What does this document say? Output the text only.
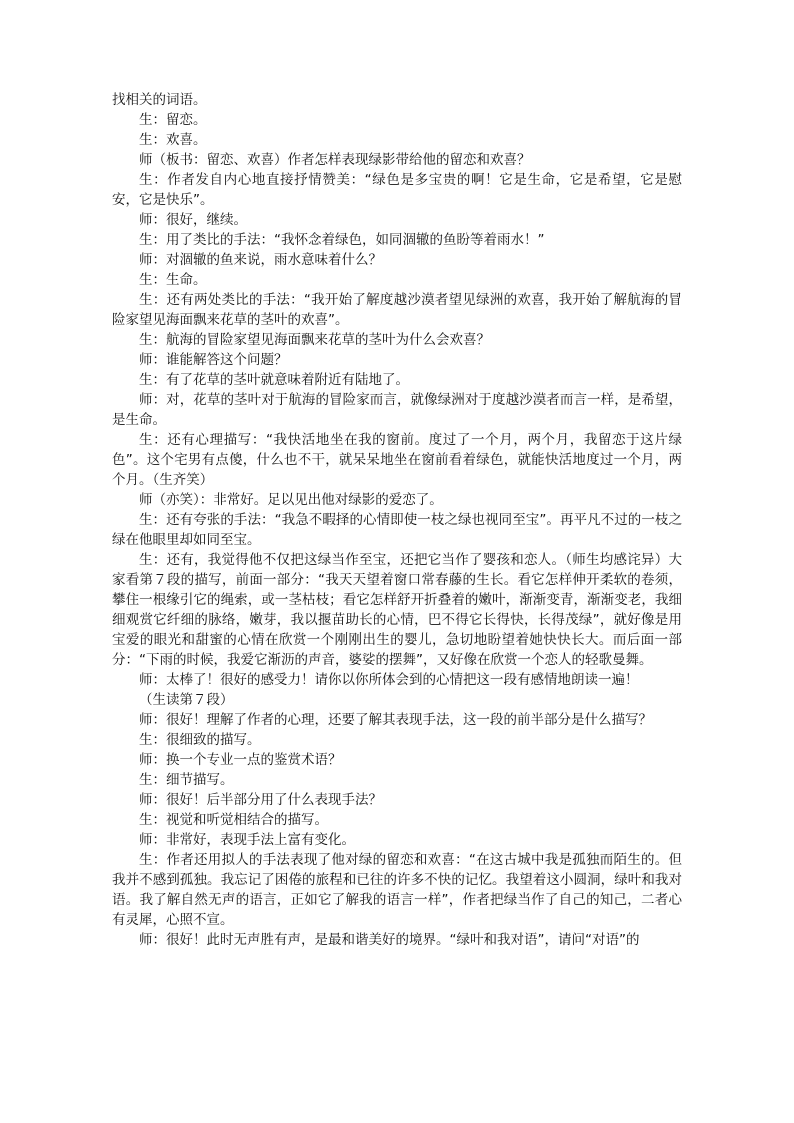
找相关的词语。

生：留恋。

生：欢喜。

师（板书：留恋、欢喜）作者怎样表现绿影带给他的留恋和欢喜？

生：作者发自内心地直接抒情赞美：“绿色是多宝贵的啊！它是生命，它是希望，它是慰安，它是快乐”。

师：很好，继续。

生：用了类比的手法：“我怀念着绿色，如同涸辙的鱼盼等着雨水！”

师：对涸辙的鱼来说，雨水意味着什么？

生：生命。

生：还有两处类比的手法：“我开始了解度越沙漠者望见绿洲的欢喜，我开始了解航海的冒险家望见海面飘来花草的茎叶的欢喜”。

生：航海的冒险家望见海面飘来花草的茎叶为什么会欢喜？

师：谁能解答这个问题？

生：有了花草的茎叶就意味着附近有陆地了。

师：对，花草的茎叶对于航海的冒险家而言，就像绿洲对于度越沙漠者而言一样，是希望，是生命。

生：还有心理描写：“我快活地坐在我的窗前。度过了一个月，两个月，我留恋于这片绿色”。这个宅男有点傻，什么也不干，就呆呆地坐在窗前看着绿色，就能快活地度过一个月，两个月。（生齐笑）

师（亦笑）：非常好。足以见出他对绿影的爱恋了。

生：还有夸张的手法：“我急不暇择的心情即使一枝之绿也视同至宝”。再平凡不过的一枝之绿在他眼里却如同至宝。

生：还有，我觉得他不仅把这绿当作至宝，还把它当作了婴孩和恋人。（师生均感诧异）大家看第７段的描写，前面一部分：“我天天望着窗口常春藤的生长。看它怎样伸开柔软的卷须，攀住一根缘引它的绳索，或一茎枯枝；看它怎样舒开折叠着的嫩叶，渐渐变青，渐渐变老，我细细观赏它纤细的脉络，嫩芽，我以揠苗助长的心情，巴不得它长得快，长得茂绿”，就好像是用宝爱的眼光和甜蜜的心情在欣赏一个刚刚出生的婴儿，急切地盼望着她快快长大。而后面一部分：“下雨的时候，我爱它渐沥的声音，婆娑的摆舞”，又好像在欣赏一个恋人的轻歌曼舞。

师：太棒了！很好的感受力！请你以你所体会到的心情把这一段有感情地朗读一遍！

（生读第７段）

师：很好！理解了作者的心理，还要了解其表现手法，这一段的前半部分是什么描写？

生：很细致的描写。

师：换一个专业一点的鉴赏术语？

生：细节描写。

师：很好！后半部分用了什么表现手法？

生：视觉和听觉相结合的描写。

师：非常好，表现手法上富有变化。

生：作者还用拟人的手法表现了他对绿的留恋和欢喜：“在这古城中我是孤独而陌生的。但我并不感到孤独。我忘记了困倦的旅程和已往的许多不快的记忆。我望着这小圆洞，绿叶和我对语。我了解自然无声的语言，正如它了解我的语言一样”，作者把绿当作了自己的知己，二者心有灵犀，心照不宣。

师：很好！此时无声胜有声，是最和谐美好的境界。“绿叶和我对语”，请问“对语”的
